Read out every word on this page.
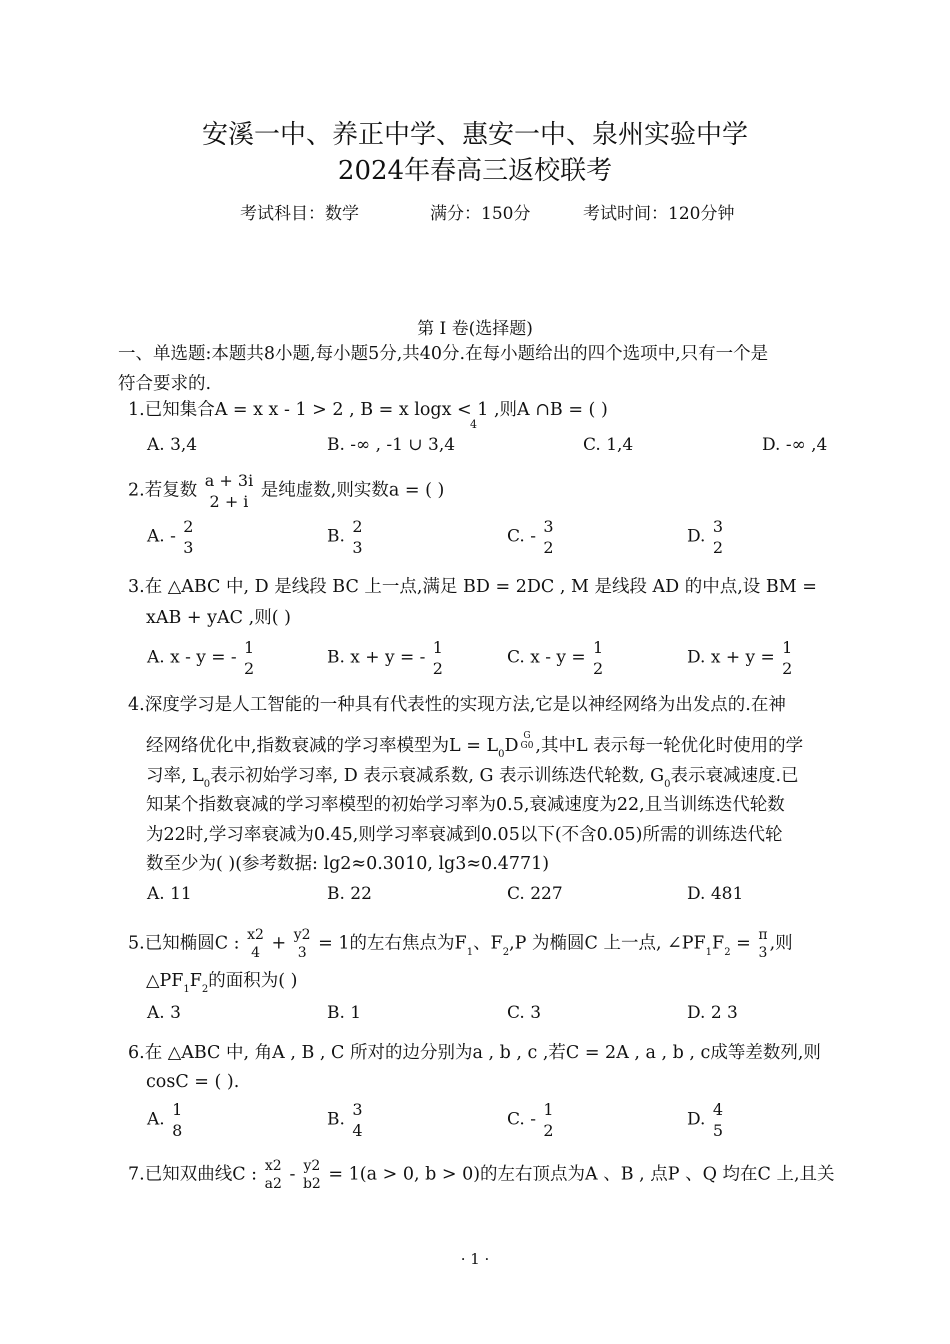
安溪一中、养正中学、惠安一中、泉州实验中学
2024年春高三返校联考
考试科目：数学	满分：150分	考试时间：120分钟
第 I 卷(选择题)
一、单选题:本题共8小题,每小题5分,共40分.在每小题给出的四个选项中,只有一个是
符合要求的.
1.已知集合A = x x - 1 > 2 , B = x logx < 1 ,则A ∩B = ( )
4
A. 3,4	B. -∞ , -1 ∪ 3,4	C. 1,4	D. -∞ ,4
2.若复数 a + 3i
2 + i
是纯虚数,则实数a = ( )
A. - 2
3
B. 2
3
C. - 3
2
D. 3
2
3.在 △ABC 中, D 是线段 BC 上一点,满足 BD = 2DC , M 是线段 AD 的中点,设 BM =
xAB + yAC ,则( )
A. x - y = - 1
2
B. x + y = - 1
2
C. x - y = 1
2
D. x + y = 1
2
4.深度学习是人工智能的一种具有代表性的实现方法,它是以神经网络为出发点的.在神
经网络优化中,指数衰减的学习率模型为$L = L_0D$ G
G0 ,其中L 表示每一轮优化时使用的学
习率, $L_0$表示初始学习率, D 表示衰减系数, G 表示训练迭代轮数, $G_0$表示衰减速度.已
知某个指数衰减的学习率模型的初始学习率为0.5,衰减速度为22,且当训练迭代轮数
为22时,学习率衰减为0.45,则学习率衰减到0.05以下(不含0.05)所需的训练迭代轮
数至少为( )(参考数据: lg2≈0.3010, lg3≈0.4771)
A. 11	B. 22	C. 227	D. 481
5.已知椭圆C : x2
4 + y2
3 = 1的左右焦点为$F_1$、$F_2,P$ 为椭圆C 上一点, $\angle PF_1F_2 = \pi$
3 ,则
$\triangle PF_1F_2$的面积为( )
A. 3	B. 1	C. 3	D. 2 3
6.在 △ABC 中, 角A , B , C 所对的边分别为a , b , c ,若C = 2A , a , b , c成等差数列,则
cosC = ( ).
A. 1
8
B. 3
4
C. - 1
2
D. 4
5
7.已知双曲线C : x2
a2 - y2
b2 = 1(a > 0, b > 0)的左右顶点为A 、B , 点P 、Q 均在C 上,且关
· 1 ·
